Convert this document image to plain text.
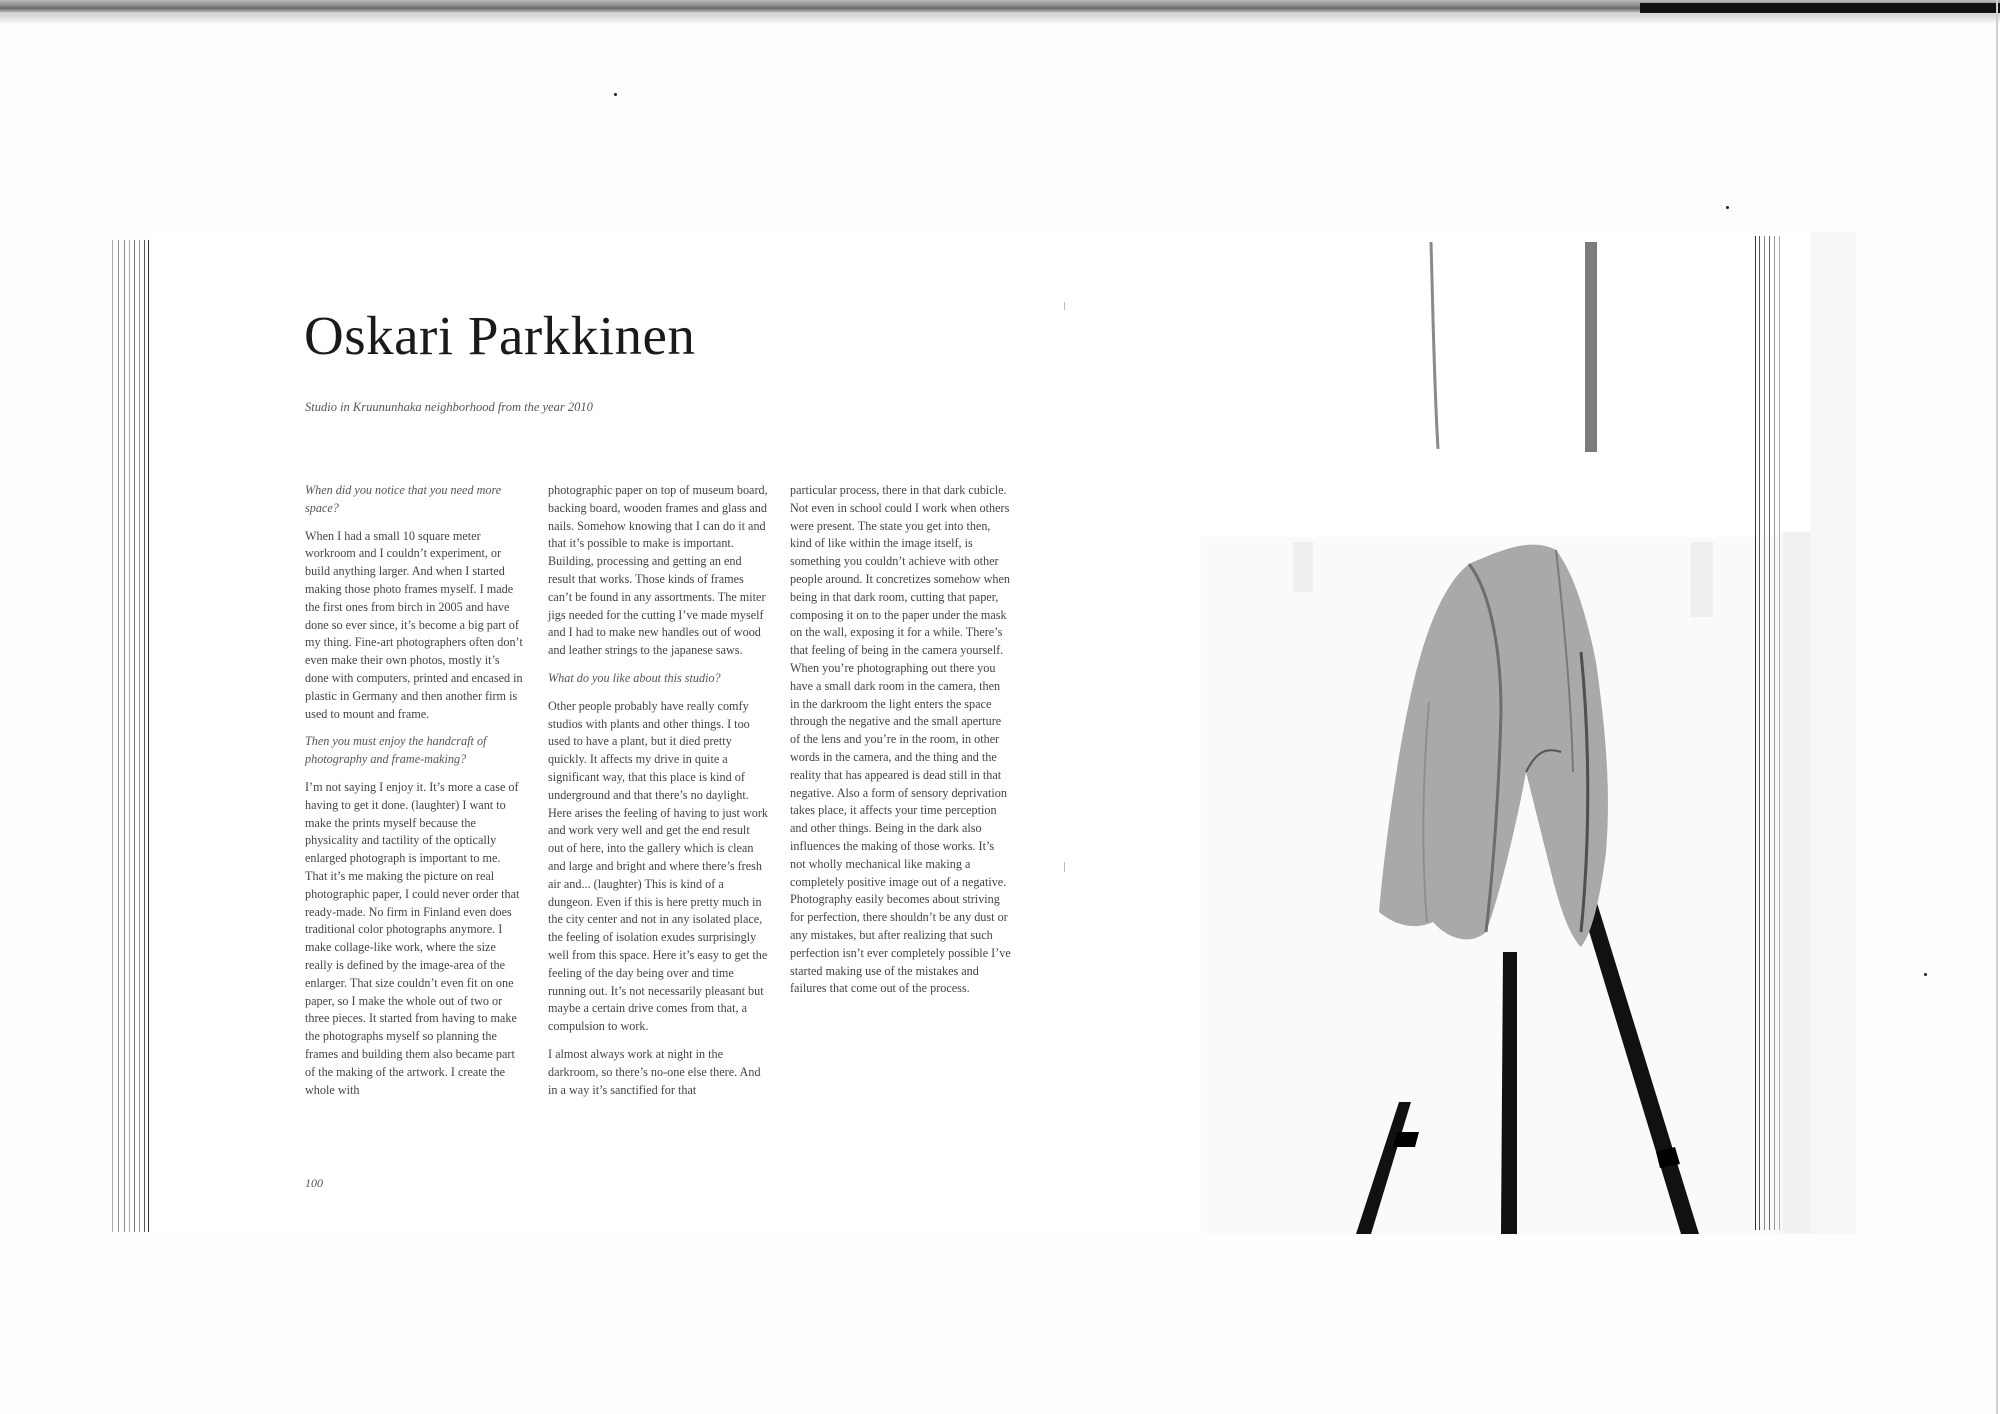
Oskari Parkkinen
Studio in Kruununhaka neighborhood from the year 2010

When did you notice that you need more space?

When I had a small 10 square meter workroom and I couldn’t experiment, or build anything larger. And when I started making those photo frames myself. I made the first ones from birch in 2005 and have done so ever since, it’s become a big part of my thing. Fine-art photographers often don’t even make their own photos, mostly it’s done with computers, printed and encased in plastic in Germany and then another firm is used to mount and frame.

Then you must enjoy the handcraft of photography and frame-making?

I’m not saying I enjoy it. It’s more a case of having to get it done. (laughter) I want to make the prints myself because the physicality and tactility of the optically enlarged photograph is important to me. That it’s me making the picture on real photographic paper, I could never order that ready-made. No firm in Finland even does traditional color photographs anymore. I make collage-like work, where the size really is defined by the image-area of the enlarger. That size couldn’t even fit on one paper, so I make the whole out of two or three pieces. It started from having to make the photographs myself so planning the frames and building them also became part of the making of the artwork. I create the whole with

photographic paper on top of museum board, backing board, wooden frames and glass and nails. Somehow knowing that I can do it and that it’s possible to make is important. Building, processing and getting an end result that works. Those kinds of frames can’t be found in any assortments. The miter jigs needed for the cutting I’ve made myself and I had to make new handles out of wood and leather strings to the japanese saws.

What do you like about this studio?

Other people probably have really comfy studios with plants and other things. I too used to have a plant, but it died pretty quickly. It affects my drive in quite a significant way, that this place is kind of underground and that there’s no daylight. Here arises the feeling of having to just work and work very well and get the end result out of here, into the gallery which is clean and large and bright and where there’s fresh air and... (laughter) This is kind of a dungeon. Even if this is here pretty much in the city center and not in any isolated place, the feeling of isolation exudes surprisingly well from this space. Here it’s easy to get the feeling of the day being over and time running out. It’s not necessarily pleasant but maybe a certain drive comes from that, a compulsion to work.

I almost always work at night in the darkroom, so there’s no-one else there. And in a way it’s sanctified for that

particular process, there in that dark cubicle. Not even in school could I work when others were present. The state you get into then, kind of like within the image itself, is something you couldn’t achieve with other people around. It concretizes somehow when being in that dark room, cutting that paper, composing it on to the paper under the mask on the wall, exposing it for a while. There’s that feeling of being in the camera yourself. When you’re photographing out there you have a small dark room in the camera, then in the darkroom the light enters the space through the negative and the small aperture of the lens and you’re in the room, in other words in the camera, and the thing and the reality that has appeared is dead still in that negative. Also a form of sensory deprivation takes place, it affects your time perception and other things. Being in the dark also influences the making of those works. It’s not wholly mechanical like making a completely positive image out of a negative. Photography easily becomes about striving for perfection, there shouldn’t be any dust or any mistakes, but after realizing that such perfection isn’t ever completely possible I’ve started making use of the mistakes and failures that come out of the process.

100
